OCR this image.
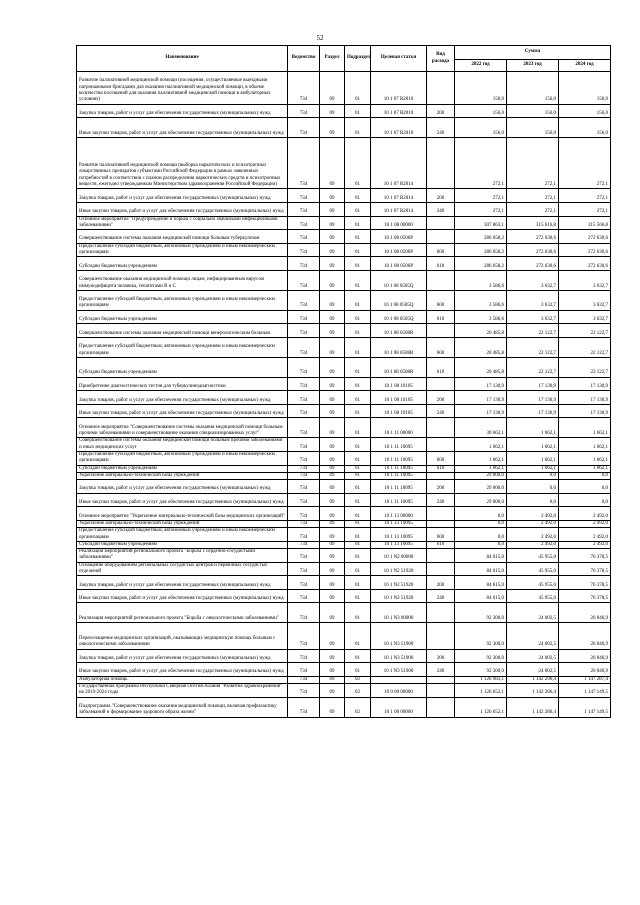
52
Наименование	Ведомство	Раздел	Подраздел	Целевая статья	Вид расхода	Сумма		
						2022 год	2023 год	2024 год
Развитие паллиативной медицинской помощи (посещения, осуществляемые выездными патронажными бригадами для оказания паллиативной медицинской помощи, в объеме количества посещений для оказания паллиативной медицинской помощи в амбулаторных условиях)	734	09	01	10 1 07 R2010		156,0	156,0	156,0
Закупка товаров, работ и услуг для обеспечения государственных (муниципальных) нужд	734	09	01	10 1 07 R2010	200	156,0	156,0	156,0
Иные закупки товаров, работ и услуг для обеспечения государственных (муниципальных) нужд	734	09	01	10 1 07 R2010	240	156,0	156,0	156,0
Развитие паллиативной медицинской помощи (выборка наркотических и психотропных лекарственных препаратов субъектами Российской Федерации в рамках заявленных потребностей в соответствии с планом распределения наркотических средств и психотропных веществ, ежегодно утверждаемым Министерством здравоохранения Российской Федерации)	734	09	01	10 1 07 R2014		272,1	272,1	272,1
Закупка товаров, работ и услуг для обеспечения государственных (муниципальных) нужд	734	09	01	10 1 07 R2014	200	272,1	272,1	272,1
Иные закупки товаров, работ и услуг для обеспечения государственных (муниципальных) нужд	734	09	01	10 1 07 R2014	240	272,1	272,1	272,1
Основное мероприятие "Предупреждение и борьба с социально значимыми инфекционными заболеваниями"	734	09	01	10 1 08 00000		307 863,1	315 616,8	315 566,8
Совершенствование системы оказания медицинской помощи больным туберкулезом	734	09	01	10 1 08 0506Р		286 658,2	272 630,6	272 630,6
Предоставление субсидий бюджетным, автономным учреждениям и иным некоммерческим организациям	734	09	01	10 1 08 0506Р	600	286 658,2	272 630,6	272 630,6
Субсидии бюджетным учреждениям	734	09	01	10 1 08 0506Р	610	286 658,2	272 630,6	272 630,6
Совершенствование оказания медицинской помощи лицам, инфицированным вирусом иммунодефицита человека, гепатитами B и C	734	09	01	10 1 08 0505Q		3 586,6	3 632,7	3 632,7
Предоставление субсидий бюджетным, автономным учреждениям и иным некоммерческим организациям	734	09	01	10 1 08 0505Q	600	3 586,6	3 632,7	3 632,7
Субсидии бюджетным учреждениям	734	09	01	10 1 08 0505Q	610	3 586,6	3 632,7	3 632,7
Совершенствование системы оказания медицинской помощи венерологическим больным	734	09	01	10 1 08 0508R		20 485,8	22 122,7	22 122,7
Предоставление субсидий бюджетным, автономным учреждениям и иным некоммерческим организациям	734	09	01	10 1 08 0508R	600	20 485,8	22 122,7	22 122,7
Субсидии бюджетным учреждениям	734	09	01	10 1 08 0508R	610	20 485,8	22 122,7	22 122,7
Приобретение диагностических тестов для туберкулинодиагностики	734	09	01	10 1 08 10105		17 130,9	17 130,9	17 130,9
Закупка товаров, работ и услуг для обеспечения государственных (муниципальных) нужд	734	09	01	10 1 08 10105	200	17 130,9	17 130,9	17 130,9
Иные закупки товаров, работ и услуг для обеспечения государственных (муниципальных) нужд	734	09	01	10 1 08 10105	240	17 130,9	17 130,9	17 130,9
Основное мероприятие "Совершенствование системы оказания медицинской помощи больным прочими заболеваниями и совершенствование оказания специализированных услуг"	734	09	01	10 1 11 00000		30 662,1	1 662,1	1 662,1
Совершенствование системы оказания медицинской помощи больным прочими заболеваниями и иных медицинских услуг	734	09	01	10 1 11 10095		1 662,1	1 662,1	1 662,1
Предоставление субсидий бюджетным, автономным учреждениям и иным некоммерческим организациям	734	09	01	10 1 11 10095	600	1 662,1	1 662,1	1 662,1
Субсидии бюджетным учреждениям	734	09	01	10 1 11 10095	610	1 662,1	1 662,1	1 662,1
Укрепление материально-технической базы учреждений	734	09	01	10 1 11 10095		29 000,0	0,0	0,0
Закупка товаров, работ и услуг для обеспечения государственных (муниципальных) нужд	734	09	01	10 1 11 10095	200	29 000,0	0,0	0,0
Иные закупки товаров, работ и услуг для обеспечения государственных (муниципальных) нужд	734	09	01	10 1 11 10095	240	29 000,0	0,0	0,0
Основное мероприятие "Укрепление материально-технической базы медицинских организаций"	734	09	01	10 1 13 00000		0,0	2 492,0	2 492,0
Укрепление материально-технической базы учреждений	734	09	01	10 1 13 10095		0,0	2 492,0	2 492,0
Предоставление субсидий бюджетным, автономным учреждениям и иным некоммерческим организациям	734	09	01	10 1 13 10095	600	0,0	2 492,0	2 492,0
Субсидии бюджетным учреждениям	734	09	01	10 1 13 10095	610	0,0	2 492,0	2 492,0
Реализация мероприятий регионального проекта "Борьба с сердечно-сосудистыми заболеваниями"	734	09	01	10 1 N2 00000		84 615,0	45 955,0	76 378,5
Оснащение оборудованием региональных сосудистых центров и первичных сосудистых отделений	734	09	01	10 1 N2 51920		84 615,0	45 955,0	76 378,5
Закупка товаров, работ и услуг для обеспечения государственных (муниципальных) нужд	734	09	01	10 1 N2 51920	200	84 615,0	45 955,0	76 378,5
Иные закупки товаров, работ и услуг для обеспечения государственных (муниципальных) нужд	734	09	01	10 1 N2 51920	240	84 615,0	45 955,0	76 378,5
Реализация мероприятий регионального проекта "Борьба с онкологическими заболеваниями"	734	09	01	10 1 N3 00000		92 300,0	24 002,5	26 046,9
Переоснащение медицинских организаций, оказывающих медицинскую помощь больным с онкологическими заболеваниями	734	09	01	10 1 N3 51900		92 300,0	24 002,5	26 046,9
Закупка товаров, работ и услуг для обеспечения государственных (муниципальных) нужд	734	09	01	10 1 N3 51900	200	92 300,0	24 002,5	26 046,9
Иные закупки товаров, работ и услуг для обеспечения государственных (муниципальных) нужд	734	09	01	10 1 N3 51900	240	92 300,0	24 002,5	26 046,9
Амбулаторная помощь	734	09	02			1 126 983,1	1 142 296,4	1 147 287,4
Государственная программа Республики Северная Осетия-Алания "Развитие здравоохранения" на 2019-2024 годы	734	09	02	10 0 00 00000		1 126 652,1	1 142 286,4	1 147 149,5
Подпрограмма "Совершенствование оказания медицинской помощи, включая профилактику заболеваний и формирование здорового образа жизни"	734	09	02	10 1 00 00000		1 126 652,1	1 142 286,4	1 147 149,5
